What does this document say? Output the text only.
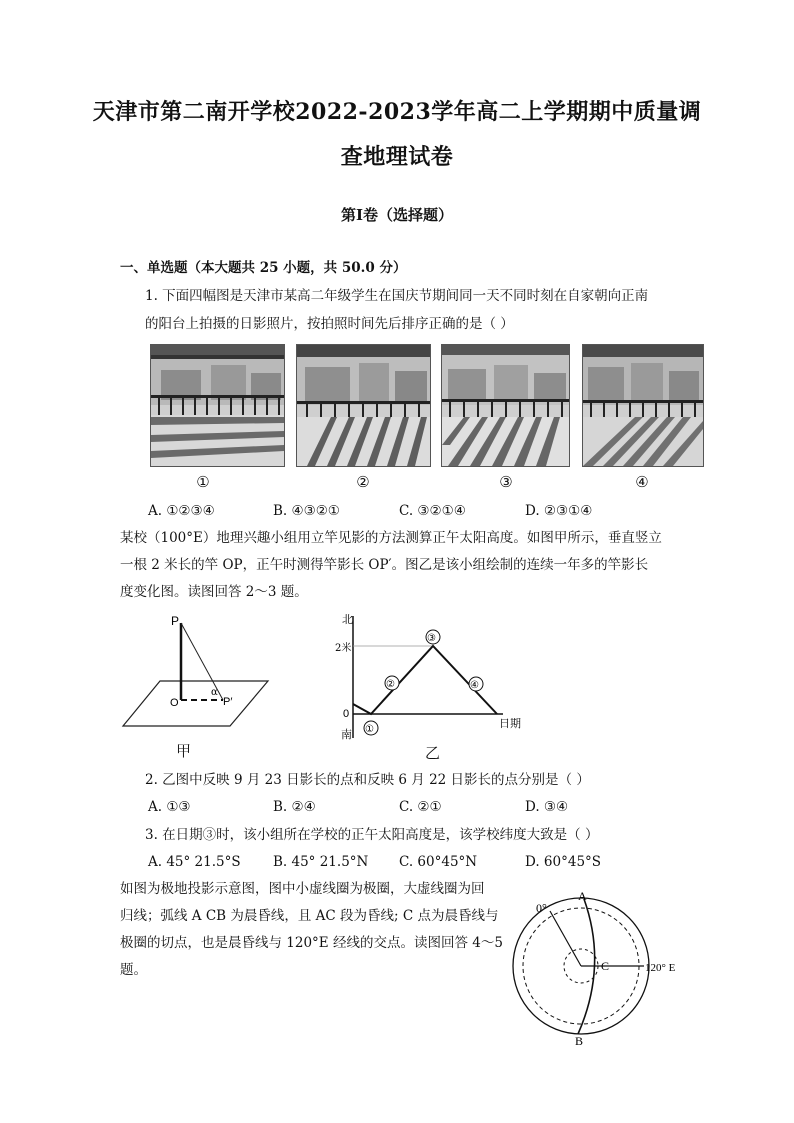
天津市第二南开学校2022-2023学年高二上学期期中质量调
查地理试卷
第Ⅰ卷（选择题）
一、单选题（本大题共 25 小题，共 50.0 分）
1. 下面四幅图是天津市某高二年级学生在国庆节期间同一天不同时刻在自家朝向正南
的阳台上拍摄的日影照片，按拍照时间先后排序正确的是（ ）
①	②	③	④
A. ①②③④	B. ④③②①	C. ③②①④	D. ②③①④
某校（100°E）地理兴趣小组用立竿见影的方法测算正午太阳高度。如图甲所示，垂直竖立
一根 2 米长的竿 OP，正午时测得竿影长 OP′。图乙是该小组绘制的连续一年多的竿影长
度变化图。读图回答 2～3 题。
P
O
α
P′
甲
北
2米
0
南
日期
①
②
③
④
乙
2. 乙图中反映 9 月 23 日影长的点和反映 6 月 22 日影长的点分别是（ ）
A. ①③	B. ②④	C. ②①	D. ③④
3. 在日期③时，该小组所在学校的正午太阳高度是，该学校纬度大致是（ ）
A. 45° 21.5°S B. 45° 21.5°N C. 60°45°N	D. 60°45°S
如图为极地投影示意图，图中小虚线圈为极圈，大虚线圈为回
归线；弧线 A CB 为晨昏线，且 AC 段为昏线; C 点为晨昏线与
极圈的切点，也是晨昏线与 120°E 经线的交点。读图回答 4～5
题。
A
B
C
0°
120° E
